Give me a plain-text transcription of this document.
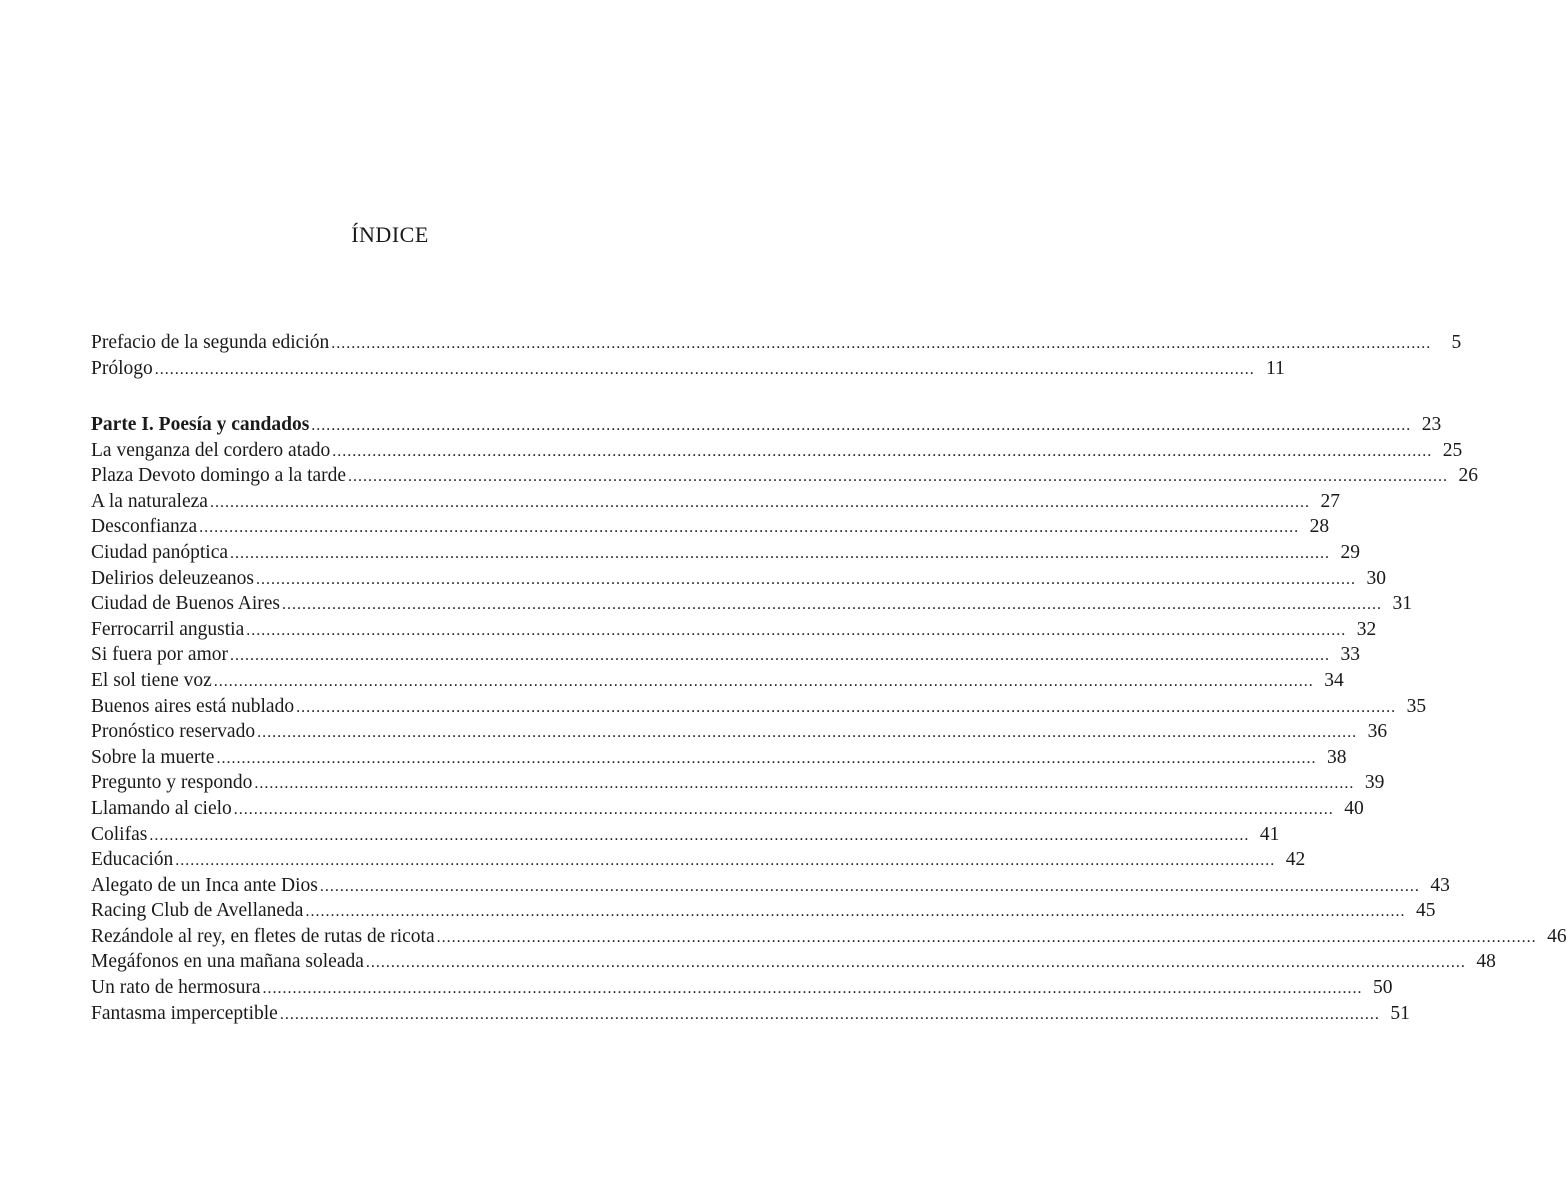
ÍNDICE
Prefacio de la segunda edición ............................................................................................................................................................................................................................	5
Prólogo ............................................................................................................................................................................................................................ 11
Parte I. Poesía y candados ............................................................................................................................................................................................................................ 23
La venganza del cordero atado ............................................................................................................................................................................................................................ 25
Plaza Devoto domingo a la tarde ............................................................................................................................................................................................................................ 26
A la naturaleza ............................................................................................................................................................................................................................ 27
Desconfianza ............................................................................................................................................................................................................................ 28
Ciudad panóptica ............................................................................................................................................................................................................................ 29
Delirios deleuzeanos ............................................................................................................................................................................................................................ 30
Ciudad de Buenos Aires ............................................................................................................................................................................................................................ 31
Ferrocarril angustia ............................................................................................................................................................................................................................ 32
Si fuera por amor ............................................................................................................................................................................................................................ 33
El sol tiene voz ............................................................................................................................................................................................................................ 34
Buenos aires está nublado ............................................................................................................................................................................................................................ 35
Pronóstico reservado ............................................................................................................................................................................................................................ 36
Sobre la muerte ............................................................................................................................................................................................................................ 38
Pregunto y respondo ............................................................................................................................................................................................................................ 39
Llamando al cielo ............................................................................................................................................................................................................................ 40
Colifas ............................................................................................................................................................................................................................ 41
Educación ............................................................................................................................................................................................................................ 42
Alegato de un Inca ante Dios ............................................................................................................................................................................................................................ 43
Racing Club de Avellaneda ............................................................................................................................................................................................................................ 45
Rezándole al rey, en fletes de rutas de ricota ............................................................................................................................................................................................................................ 46
Megáfonos en una mañana soleada ............................................................................................................................................................................................................................ 48
Un rato de hermosura ............................................................................................................................................................................................................................ 50
Fantasma imperceptible ............................................................................................................................................................................................................................ 51
